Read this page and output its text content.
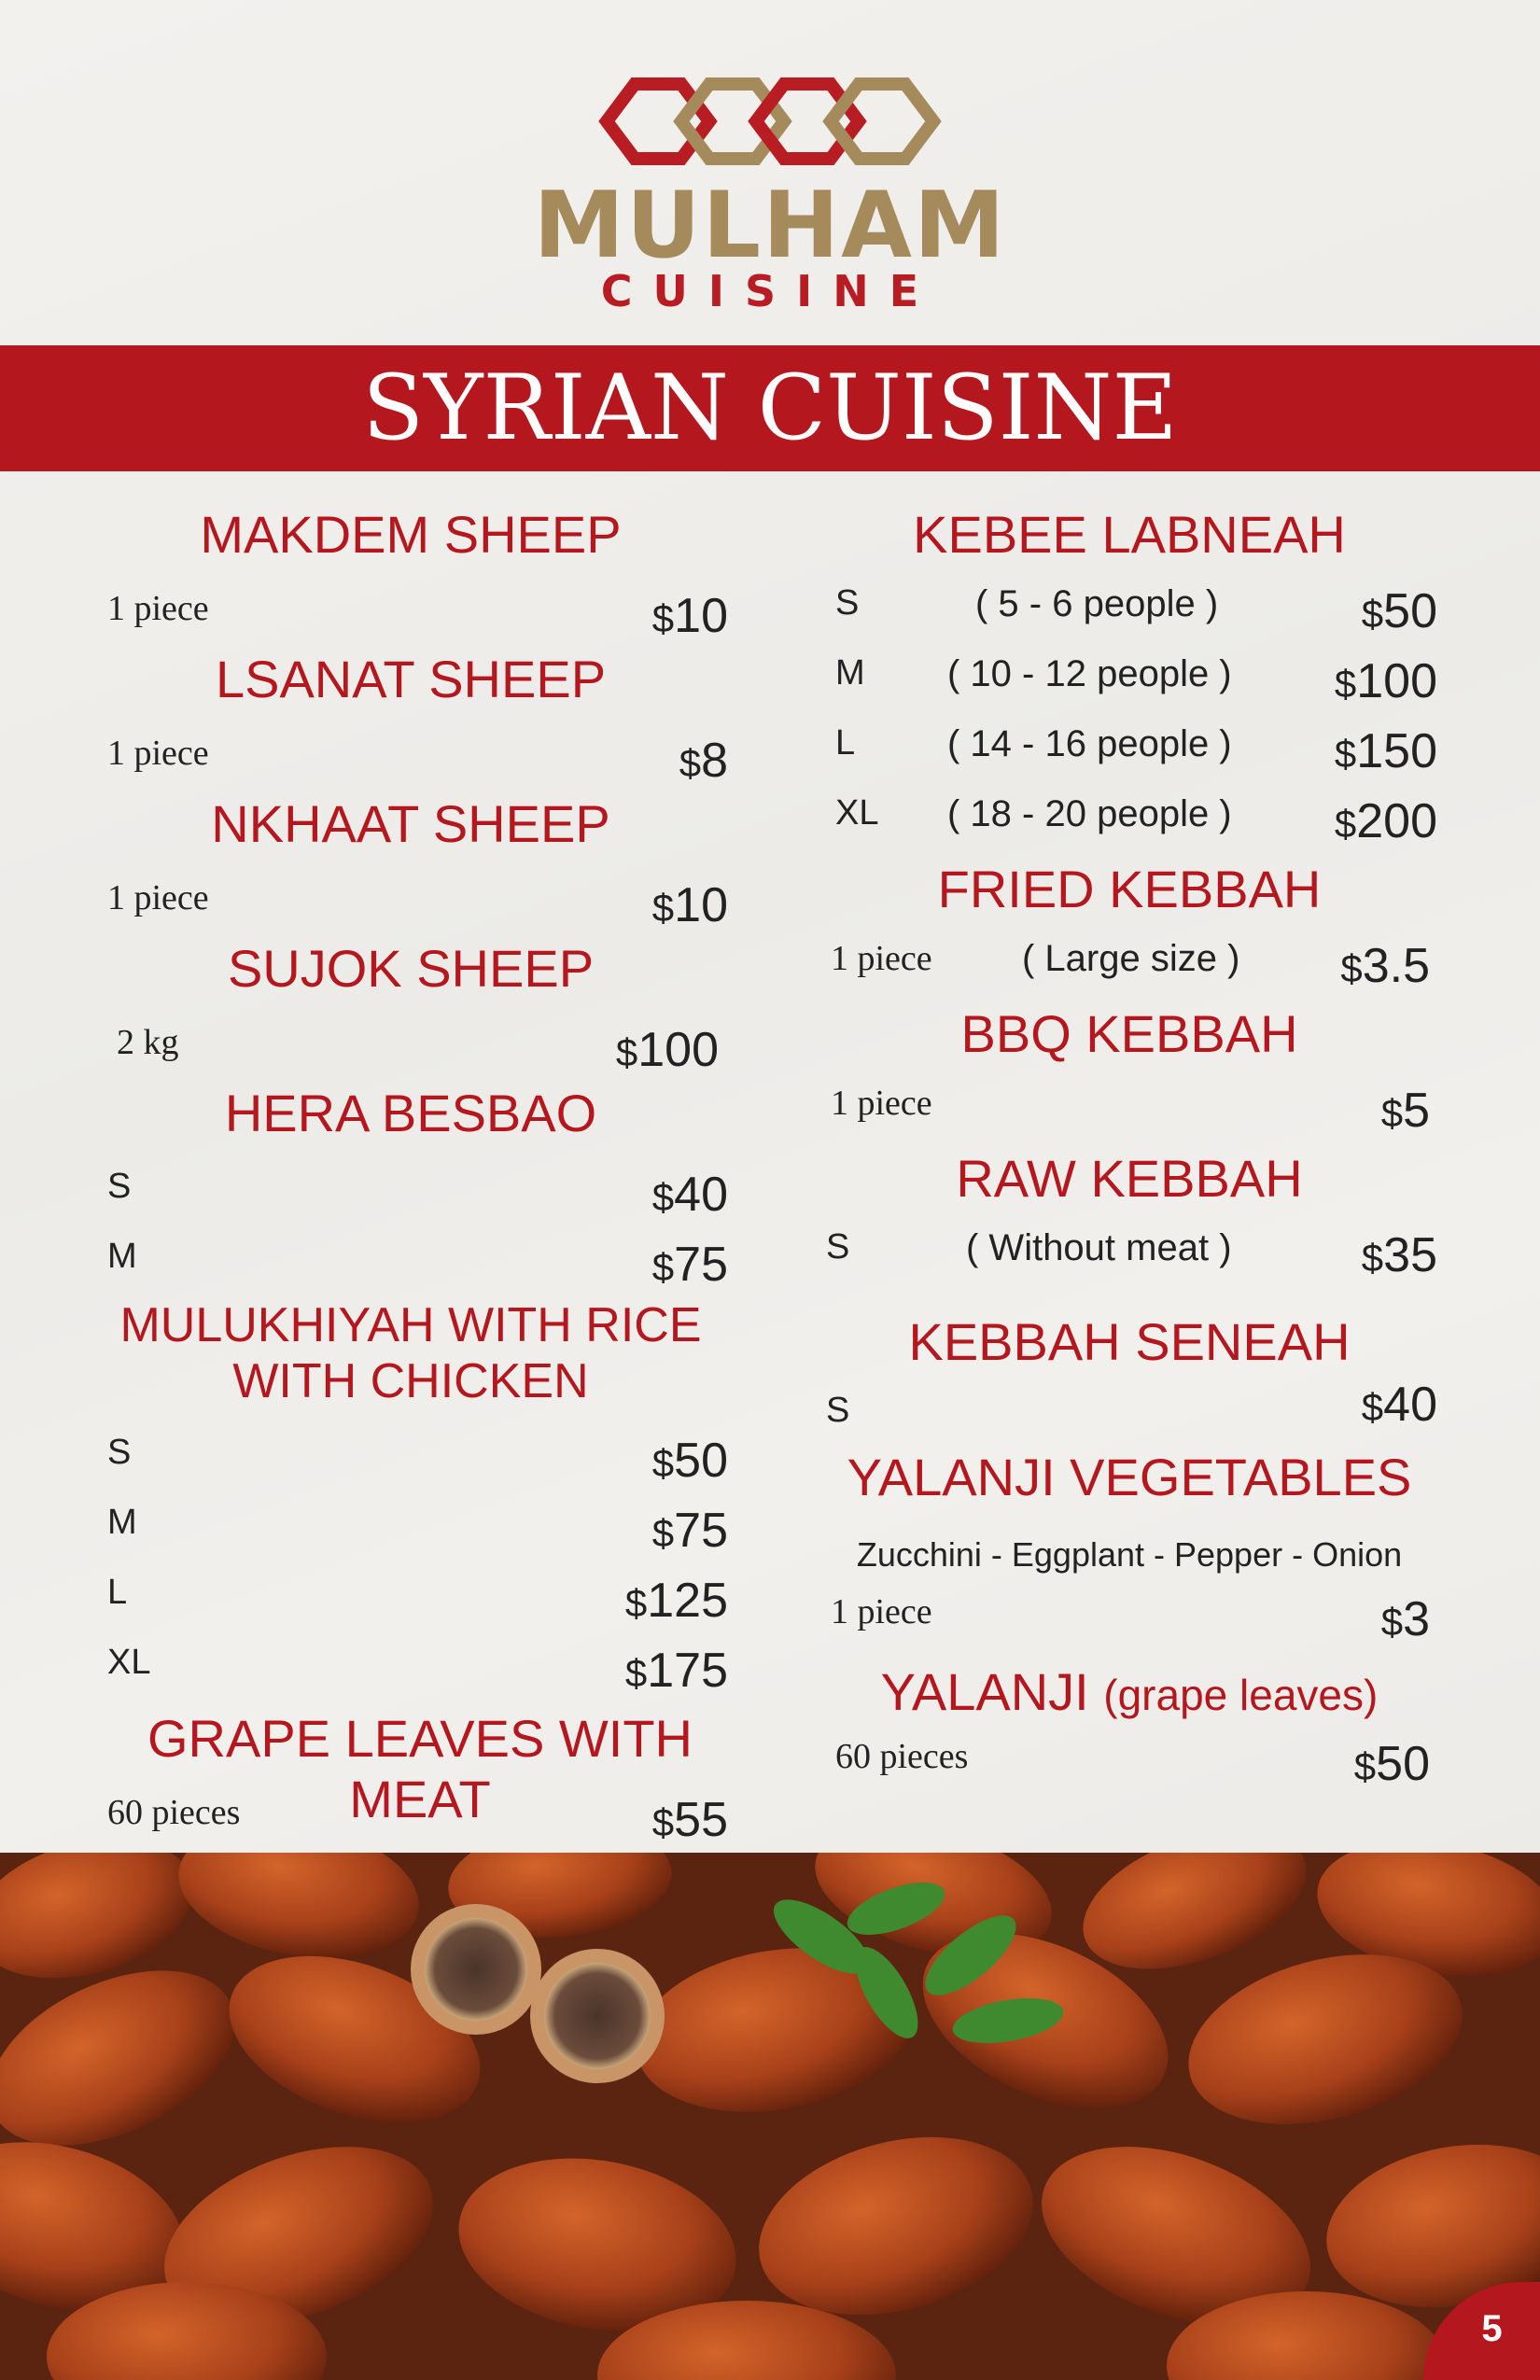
MULHAM
CUISINE
SYRIAN CUISINE
MAKDEM SHEEP
1 piece	$10
LSANAT SHEEP
1 piece	$8
NKHAAT SHEEP
1 piece	$10
SUJOK SHEEP
2 kg	$100
HERA BESBAO
S	$40
M	$75
MULUKHIYAH WITH RICE
WITH CHICKEN
S	$50
M	$75
L	$125
XL	$175
GRAPE LEAVES WITH MEAT
60 pieces	$55
KEBEE LABNEAH
S	( 5 - 6 people )	$50
M ( 10 - 12 people )	$100
L ( 14 - 16 people )	$150
XL ( 18 - 20 people )	$200
FRIED KEBBAH
1 piece ( Large size )	$3.5
BBQ KEBBAH
1 piece	$5
RAW KEBBAH
S	( Without meat )	$35
KEBBAH SENEAH
S	$40
YALANJI VEGETABLES
Zucchini - Eggplant - Pepper - Onion
1 piece	$3
YALANJI (grape leaves)
60 pieces	$50
5
